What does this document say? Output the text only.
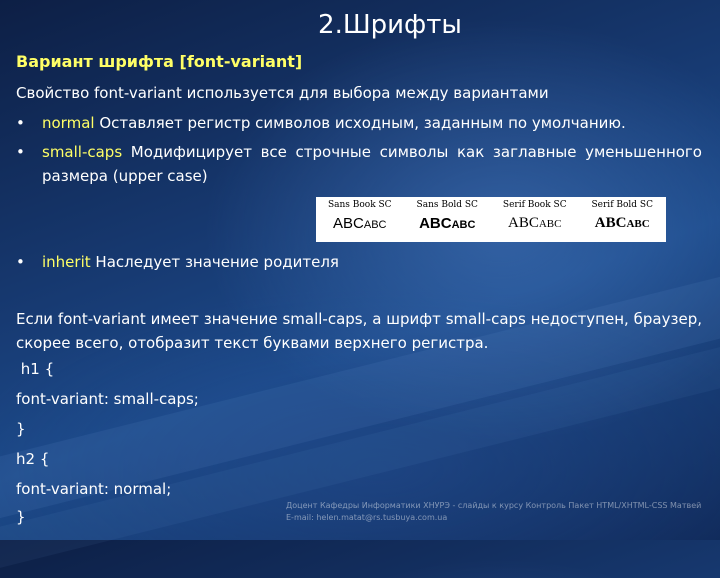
2.Шрифты
Вариант шрифта [font-variant]
Свойство font-variant используется для выбора между вариантами
• normal Оставляет регистр символов исходным, заданным по умолчанию.
• small-caps Модифицирует все строчные символы как заглавные уменьшенного размера (upper case)
Sans Book SC
ABCABC
Sans Bold SC
ABCABC
Serif Book SC
ABCABC
Serif Bold SC
ABCABC
• inherit Наследует значение родителя
Если font-variant имеет значение small-caps, а шрифт small-caps недоступен, браузер, скорее всего, отобразит текст буквами верхнего регистра.
h1 {
font-variant: small-caps;
}
h2 {
font-variant: normal;
}
Доцент Кафедры Информатики ХНУРЭ - слайды к курсу Контроль Пакет HTML/XHTML-CSS Матвей
E-mail: helen.matat@rs.tusbuya.com.ua
